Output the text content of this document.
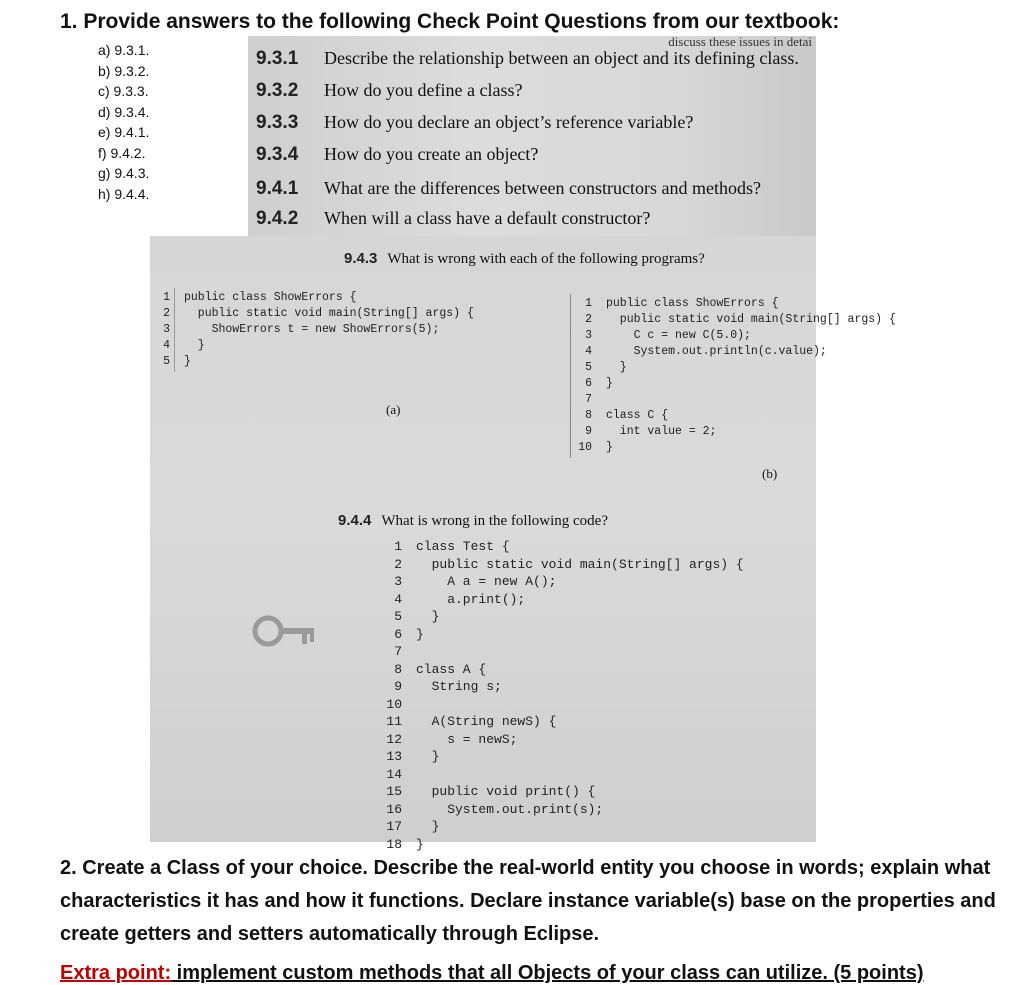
1. Provide answers to the following Check Point Questions from our textbook:
a) 9.3.1.
b) 9.3.2.
c) 9.3.3.
d) 9.3.4.
e) 9.4.1.
f) 9.4.2.
g) 9.4.3.
h) 9.4.4.
discuss these issues in detai
9.3.1 Describe the relationship between an object and its defining class.
9.3.2 How do you define a class?
9.3.3 How do you declare an object’s reference variable?
9.3.4 How do you create an object?
9.4.1 What are the differences between constructors and methods?
9.4.2 When will a class have a default constructor?
9.4.3 What is wrong with each of the following programs?
1 public class ShowErrors {
2  public static void main(String[] args) {
3    ShowErrors t = new ShowErrors(5);
4  }
5 }
(a)
1 public class ShowErrors {
2  public static void main(String[] args) {
3    C c = new C(5.0);
4    System.out.println(c.value);
5  }
6 }
7
8 class C {
9  int value = 2;
10 }
(b)
9.4.4 What is wrong in the following code?
1 class Test {
2  public static void main(String[] args) {
3    A a = new A();
4    a.print();
5  }
6 }
7
8 class A {
9  String s;
10
11  A(String newS) {
12    s = newS;
13  }
14
15  public void print() {
16    System.out.print(s);
17  }
18 }
2. Create a Class of your choice. Describe the real-world entity you choose in words; explain what characteristics it has and how it functions. Declare instance variable(s) base on the properties and create getters and setters automatically through Eclipse.
Extra point: implement custom methods that all Objects of your class can utilize. (5 points)
